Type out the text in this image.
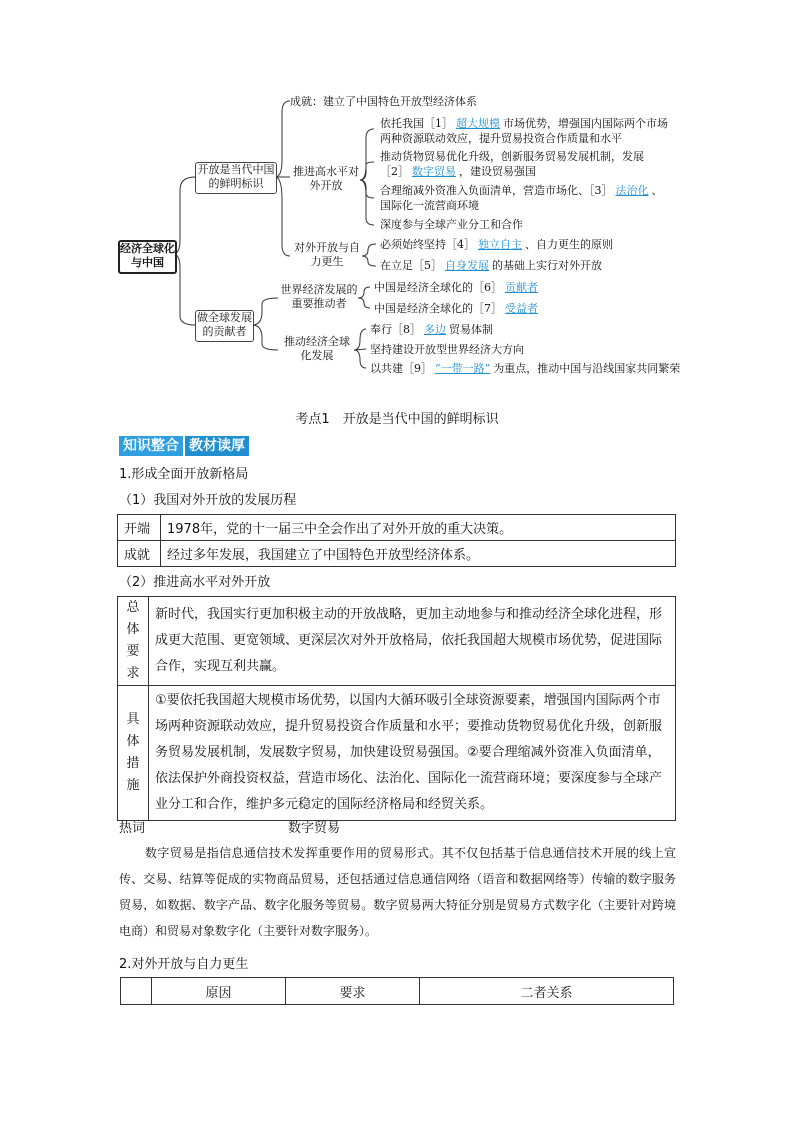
经济全球化与中国
开放是当代中国的鲜明标识
做全球发展的贡献者
成就：建立了中国特色开放型经济体系
推进高水平对外开放
对外开放与自力更生
世界经济发展的重要推动者
推动经济全球化发展
依托我国［1］ 超大规模 市场优势，增强国内国际两个市场
两种资源联动效应，提升贸易投资合作质量和水平
推动货物贸易优化升级，创新服务贸易发展机制，发展
［2］ 数字贸易 ，建设贸易强国
合理缩减外资准入负面清单，营造市场化、［3］ 法治化 、
国际化一流营商环境
深度参与全球产业分工和合作
必须始终坚持［4］ 独立自主 、自力更生的原则
在立足［5］ 自身发展 的基础上实行对外开放
中国是经济全球化的［6］ 贡献者
中国是经济全球化的［7］ 受益者
奉行［8］ 多边 贸易体制
坚持建设开放型世界经济大方向
以共建［9］ “一带一路” 为重点，推动中国与沿线国家共同繁荣
考点1　开放是当代中国的鲜明标识
知识整合 教材读厚
1.形成全面开放新格局
（1）我国对外开放的发展历程
开端	1978年，党的十一届三中全会作出了对外开放的重大决策。
成就	经过多年发展，我国建立了中国特色开放型经济体系。
（2）推进高水平对外开放
总体要求	新时代，我国实行更加积极主动的开放战略，更加主动地参与和推动经济全球化进程，形成更大范围、更宽领域、更深层次对外开放格局，依托我国超大规模市场优势，促进国际合作，实现互利共赢。
具体措施	①要依托我国超大规模市场优势，以国内大循环吸引全球资源要素，增强国内国际两个市场两种资源联动效应，提升贸易投资合作质量和水平；要推动货物贸易优化升级，创新服务贸易发展机制，发展数字贸易，加快建设贸易强国。②要合理缩减外资准入负面清单，依法保护外商投资权益，营造市场化、法治化、国际化一流营商环境；要深度参与全球产业分工和合作，维护多元稳定的国际经济格局和经贸关系。
热词	数字贸易
数字贸易是指信息通信技术发挥重要作用的贸易形式。其不仅包括基于信息通信技术开展的线上宣传、交易、结算等促成的实物商品贸易，还包括通过信息通信网络（语音和数据网络等）传输的数字服务贸易，如数据、数字产品、数字化服务等贸易。数字贸易两大特征分别是贸易方式数字化（主要针对跨境电商）和贸易对象数字化（主要针对数字服务）。
2.对外开放与自力更生
	原因	要求	二者关系
